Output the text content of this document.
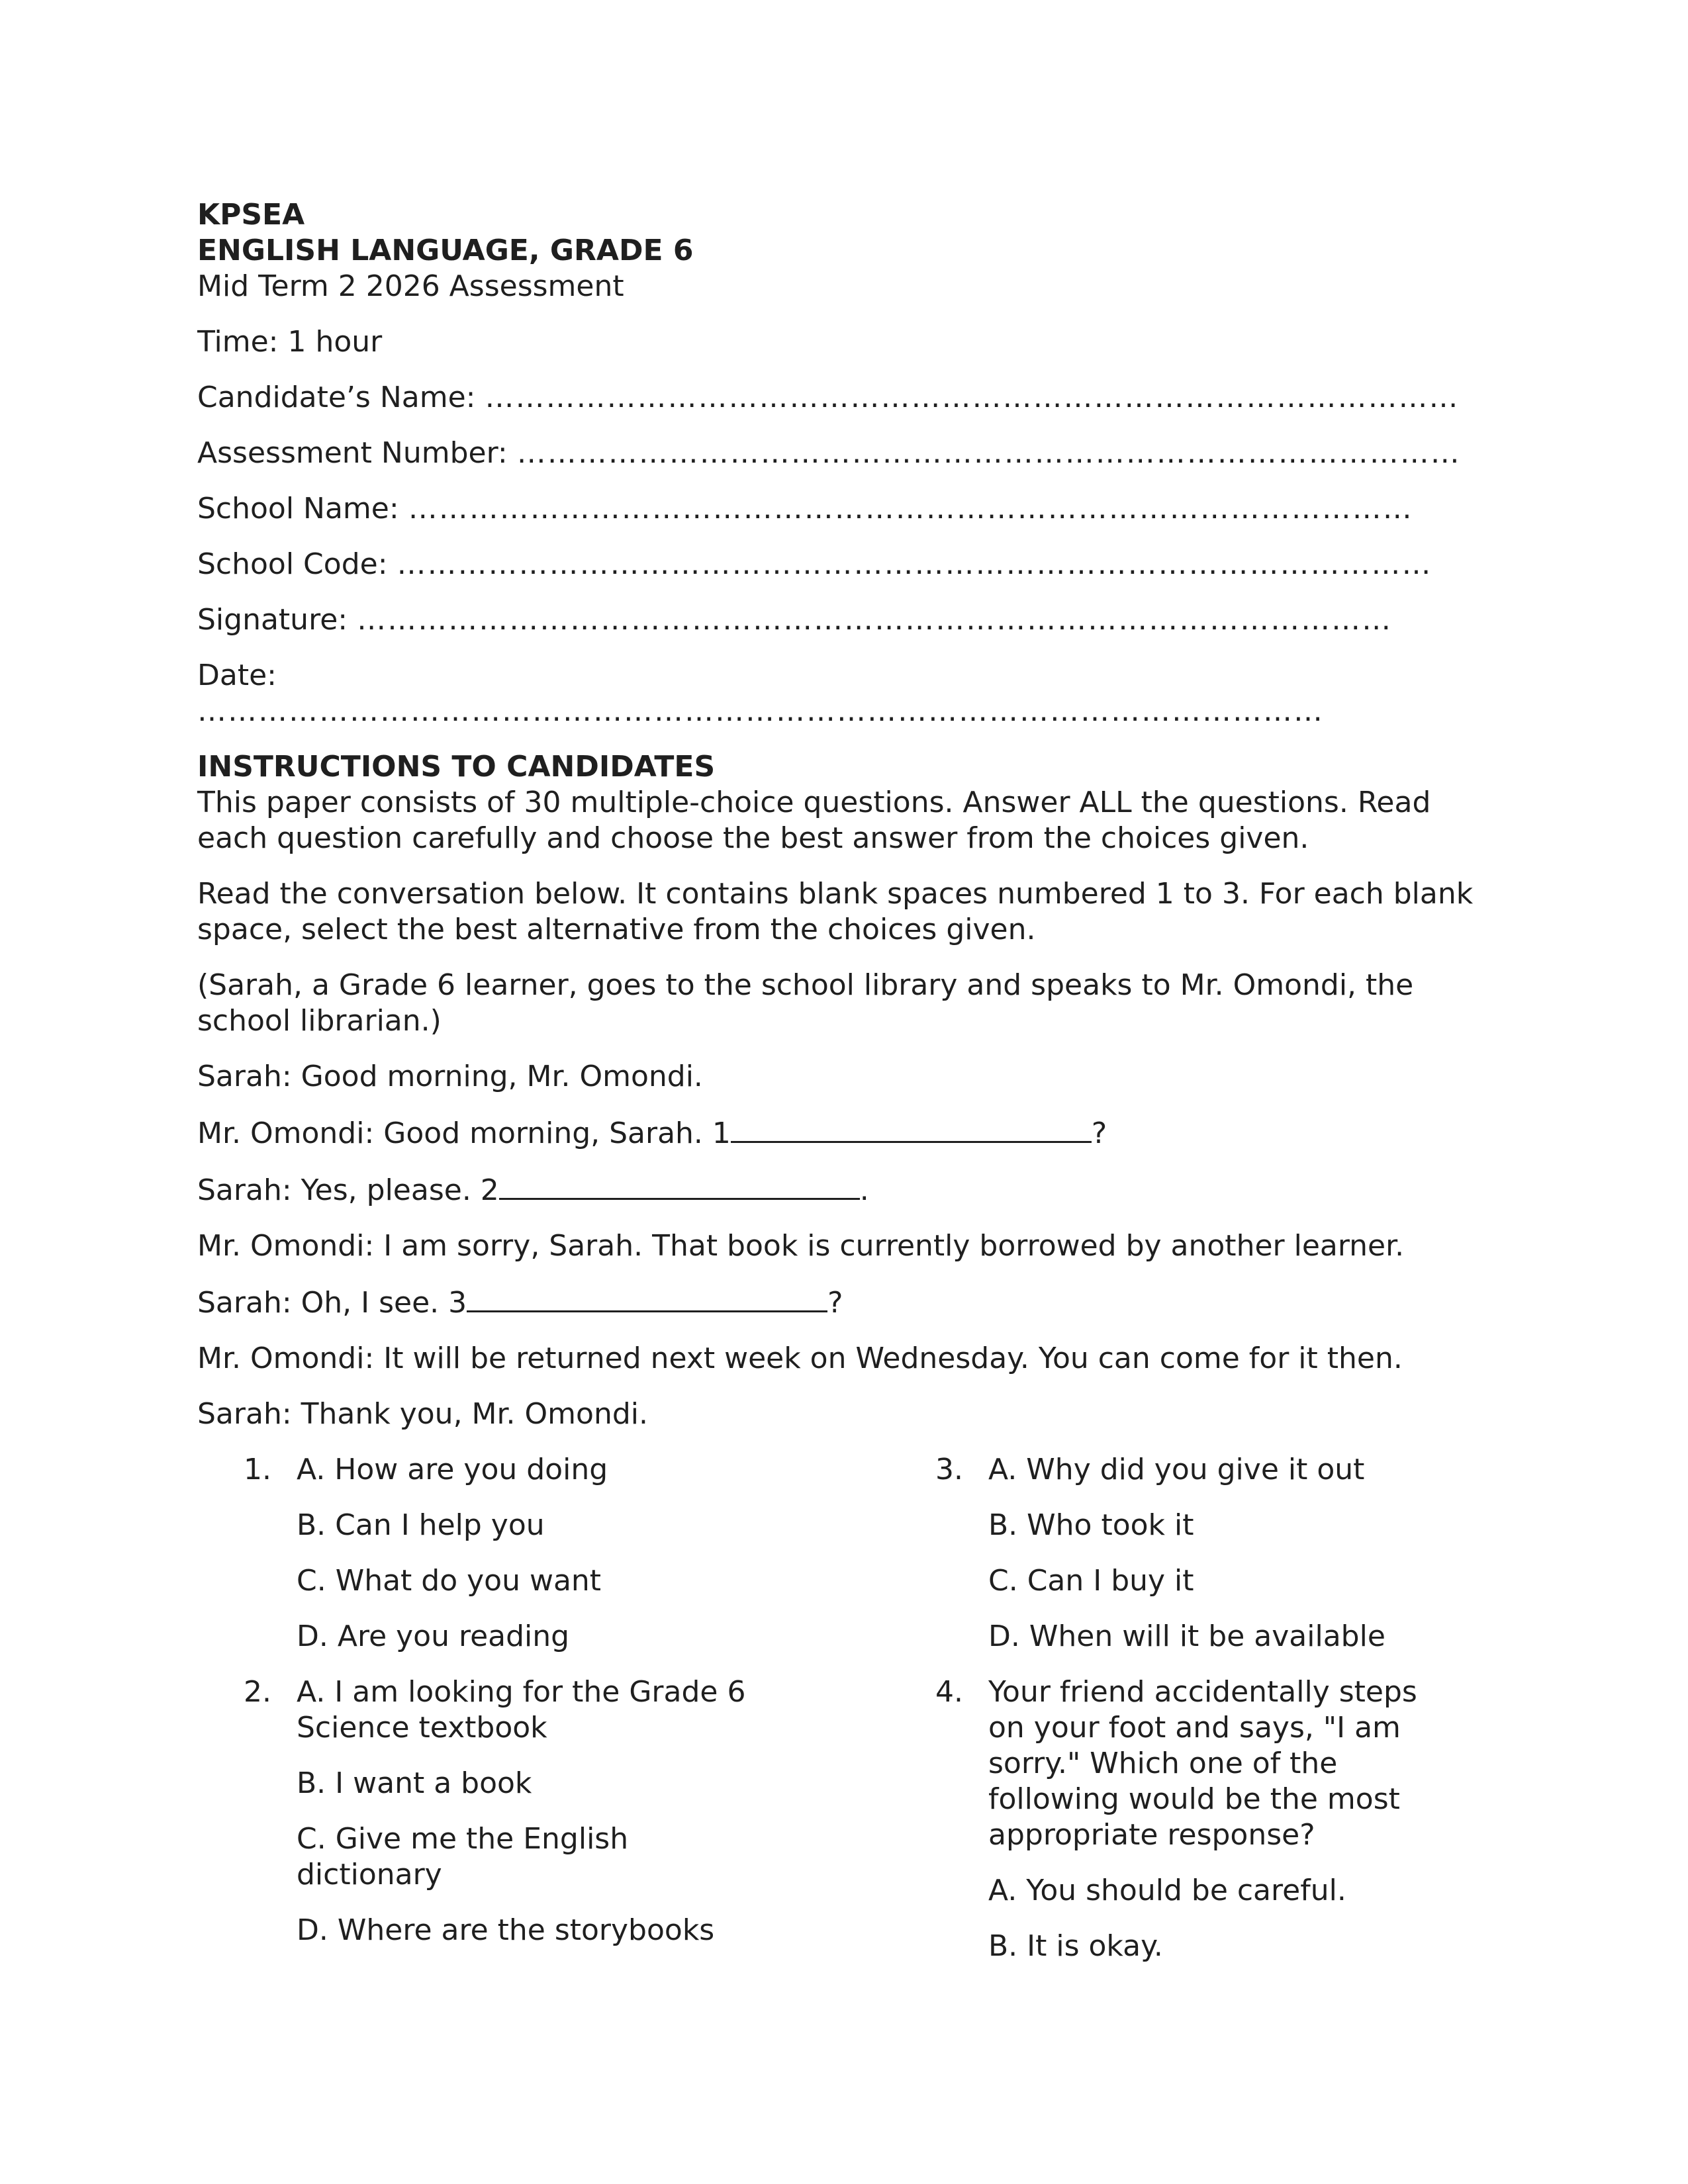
KPSEA
ENGLISH LANGUAGE, GRADE 6
Mid Term 2 2026 Assessment
Time: 1 hour
Candidate’s Name: ……………………………………………………………………………………
Assessment Number: …………………………………………………………………………………
School Name: ………………………………………………………………………………………
School Code: …………………………………………………………………………………………
Signature: …………………………………………………………………………………………
Date:
…………………………………………………………………………………………………
INSTRUCTIONS TO CANDIDATES
This paper consists of 30 multiple-choice questions. Answer ALL the questions. Read each question carefully and choose the best answer from the choices given.
Read the conversation below. It contains blank spaces numbered 1 to 3. For each blank space, select the best alternative from the choices given.
(Sarah, a Grade 6 learner, goes to the school library and speaks to Mr. Omondi, the school librarian.)
Sarah: Good morning, Mr. Omondi.
Mr. Omondi: Good morning, Sarah. 1	?
Sarah: Yes, please. 2	.
Mr. Omondi: I am sorry, Sarah. That book is currently borrowed by another learner.
Sarah: Oh, I see. 3	?
Mr. Omondi: It will be returned next week on Wednesday. You can come for it then.
Sarah: Thank you, Mr. Omondi.
1. A. How are you doing
B. Can I help you
C. What do you want
D. Are you reading
2. A. I am looking for the Grade 6 Science textbook
B. I want a book
C. Give me the English dictionary
D. Where are the storybooks
3. A. Why did you give it out
B. Who took it
C. Can I buy it
D. When will it be available
4. Your friend accidentally steps on your foot and says, "I am sorry." Which one of the following would be the most appropriate response?
A. You should be careful.
B. It is okay.
